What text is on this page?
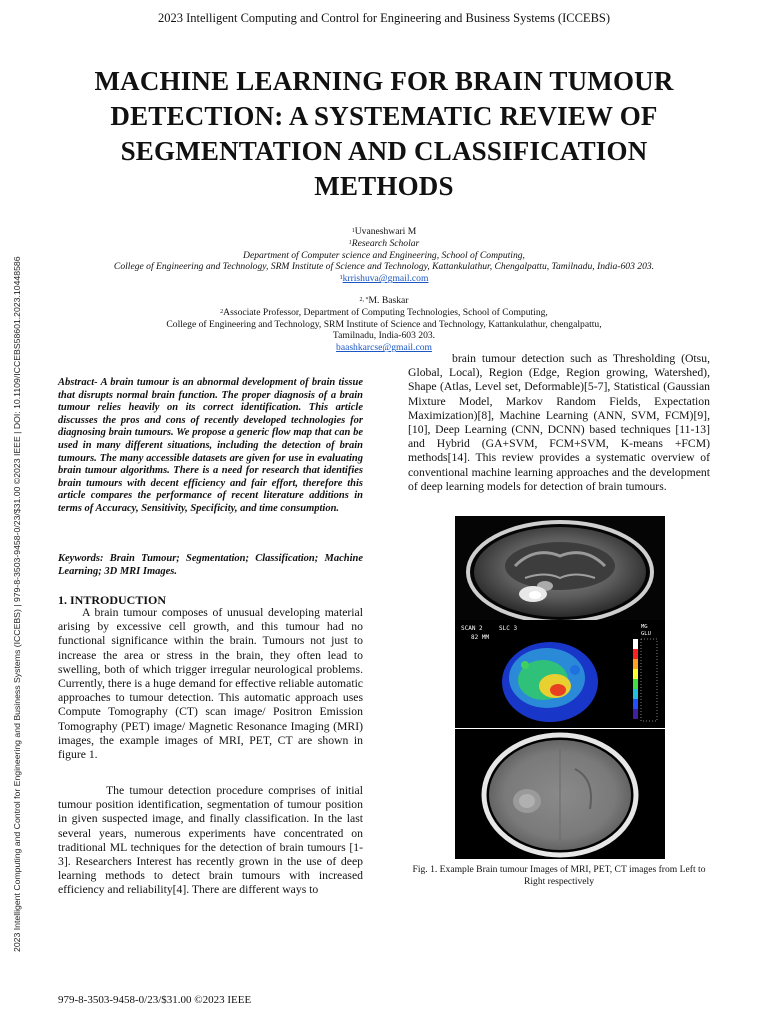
2023 Intelligent Computing and Control for Engineering and Business Systems (ICCEBS) | 979-8-3503-9458-0/23/$31.00 ©2023 IEEE | DOI: 10.1109/ICCEBS58601.2023.10448586
2023 Intelligent Computing and Control for Engineering and Business Systems (ICCEBS)
MACHINE LEARNING FOR BRAIN TUMOUR
DETECTION: A SYSTEMATIC REVIEW OF
SEGMENTATION AND CLASSIFICATION
METHODS
$^1$Uvaneshwari M
$^1$Research Scholar
Department of Computer science and Engineering, School of Computing,
College of Engineering and Technology, SRM Institute of Science and Technology, Kattankulathur, Chengalpattu, Tamilnadu, India-603 203.
$^1$krrishuva@gmail.com
$^{2, *}$M. Baskar
$^2$Associate Professor, Department of Computing Technologies, School of Computing,
College of Engineering and Technology, SRM Institute of Science and Technology, Kattankulathur, chengalpattu,
Tamilnadu, India-603 203.
baashkarcse@gmail.com
Abstract- A brain tumour is an abnormal development of brain tissue that disrupts normal brain function. The proper diagnosis of a brain tumour relies heavily on its correct identification. This article discusses the pros and cons of recently developed technologies for diagnosing brain tumours. We propose a generic flow map that can be used in many different situations, including the detection of brain tumours. The many accessible datasets are given for use in evaluating brain tumour algorithms. There is a need for research that identifies brain tumours with decent efficiency and fair effort, therefore this article compares the performance of recent literature additions in terms of Accuracy, Sensitivity, Specificity, and time consumption.
Keywords: Brain Tumour; Segmentation; Classification; Machine Learning; 3D MRI Images.
1. INTRODUCTION
A brain tumour composes of unusual developing material arising by excessive cell growth, and this tumour had no functional significance within the brain. Tumours not just to increase the area or stress in the brain, they often lead to swelling, both of which trigger irregular neurological problems. Currently, there is a huge demand for effective reliable automatic approaches to tumour detection. This automatic approach uses Compute Tomography (CT) scan image/ Positron Emission Tomography (PET) image/ Magnetic Resonance Imaging (MRI) images, the example images of MRI, PET, CT are shown in figure 1.
The tumour detection procedure comprises of initial tumour position identification, segmentation of tumour position in given suspected image, and finally classification. In the last several years, numerous experiments have concentrated on traditional ML techniques for the detection of brain tumours [1-3]. Researchers Interest has recently grown in the use of deep learning methods to detect brain tumours with increased efficiency and reliability[4]. There are different ways to
brain tumour detection such as Thresholding (Otsu, Global, Local), Region (Edge, Region growing, Watershed), Shape (Atlas, Level set, Deformable)[5-7], Statistical (Gaussian Mixture Model, Markov Random Fields, Expectation Maximization)[8], Machine Learning (ANN, SVM, FCM)[9], [10], Deep Learning (CNN, DCNN) based techniques [11-13] and Hybrid (GA+SVM, FCM+SVM, K-means +FCM) methods[14]. This review provides a systematic overview of conventional machine learning approaches and the development of deep learning models for detection of brain tumours.
SCAN 2	SLC 3
82 MM
MG
GLU
Fig. 1. Example Brain tumour Images of MRI, PET, CT images from Left to Right respectively
979-8-3503-9458-0/23/$31.00 ©2023 IEEE
